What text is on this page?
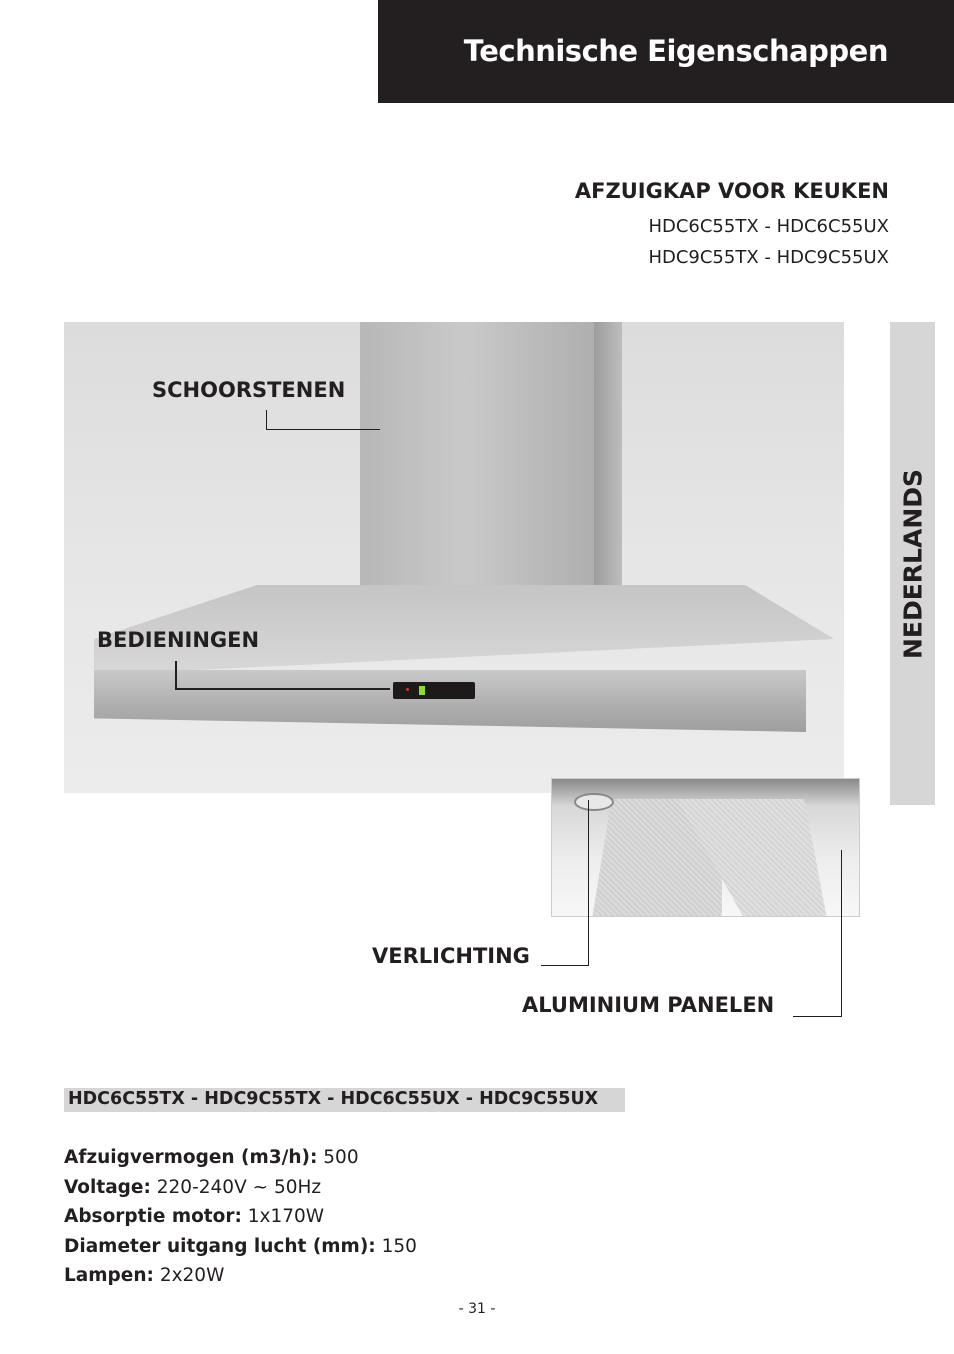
Technische Eigenschappen
AFZUIGKAP VOOR KEUKEN
HDC6C55TX - HDC6C55UX
HDC9C55TX - HDC9C55UX
NEDERLANDS
SCHOORSTENEN
BEDIENINGEN
VERLICHTING
ALUMINIUM PANELEN
HDC6C55TX - HDC9C55TX - HDC6C55UX - HDC9C55UX
Afzuigvermogen (m3/h): 500
Voltage: 220-240V ~ 50Hz
Absorptie motor: 1x170W
Diameter uitgang lucht (mm): 150
Lampen: 2x20W
- 31 -
